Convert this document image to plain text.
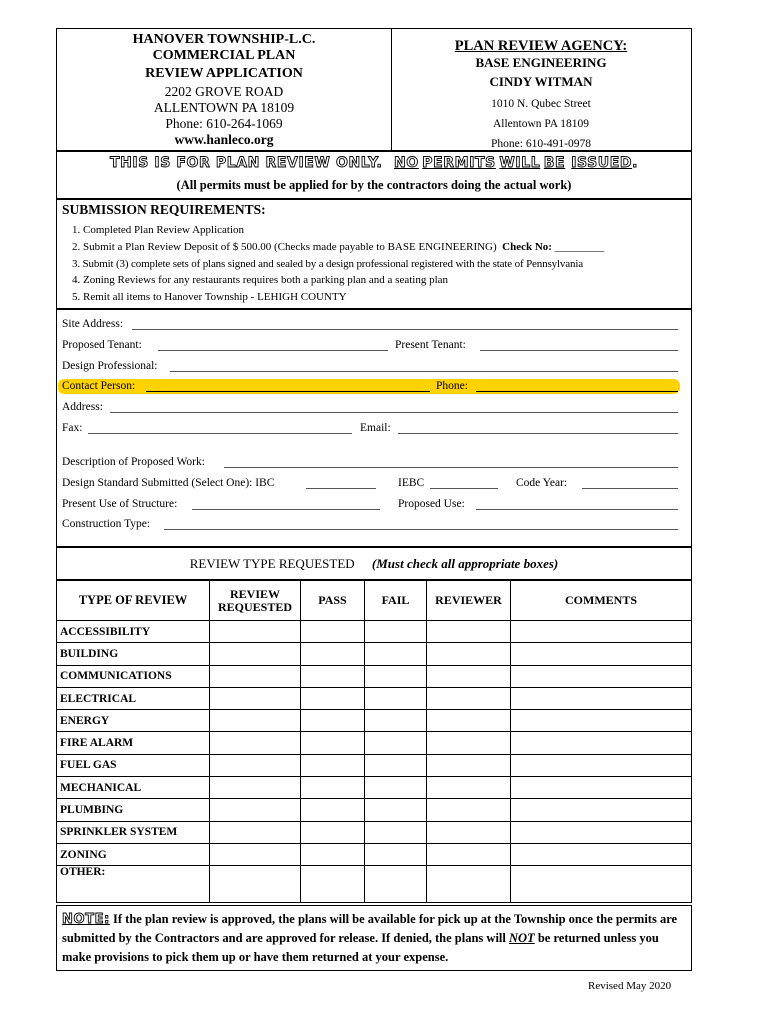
HANOVER TOWNSHIP-L.C.
COMMERCIAL PLAN
REVIEW APPLICATION
2202 GROVE ROAD
ALLENTOWN PA 18109
Phone: 610-264-1069
www.hanleco.org
PLAN REVIEW AGENCY:
BASE ENGINEERING
CINDY WITMAN
1010 N. Qubec Street
Allentown PA 18109
Phone: 610-491-0978
THIS IS FOR PLAN REVIEW ONLY. NO PERMITS WILL BE ISSUED.
(All permits must be applied for by the contractors doing the actual work)
SUBMISSION REQUIREMENTS:
1. Completed Plan Review Application
2. Submit a Plan Review Deposit of $ 500.00 (Checks made payable to BASE ENGINEERING) Check No: _________
3. Submit (3) complete sets of plans signed and sealed by a design professional registered with the state of Pennsylvania
4. Zoning Reviews for any restaurants requires both a parking plan and a seating plan
5. Remit all items to Hanover Township - LEHIGH COUNTY
Site Address:
Proposed Tenant:	Present Tenant:
Design Professional:
Contact Person:	Phone:
Address:
Fax:	Email:
Description of Proposed Work:
Design Standard Submitted (Select One): IBC	IEBC	Code Year:
Present Use of Structure:	Proposed Use:
Construction Type:
REVIEW TYPE REQUESTED (Must check all appropriate boxes)
TYPE OF REVIEW	REVIEW REQUESTED	PASS	FAIL	REVIEWER	COMMENTS
ACCESSIBILITY					
BUILDING					
COMMUNICATIONS					
ELECTRICAL					
ENERGY					
FIRE ALARM					
FUEL GAS					
MECHANICAL					
PLUMBING					
SPRINKLER SYSTEM					
ZONING					
OTHER:					
NOTE: If the plan review is approved, the plans will be available for pick up at the Township once the permits are submitted by the Contractors and are approved for release. If denied, the plans will NOT be returned unless you make provisions to pick them up or have them returned at your expense.
Revised May 2020
